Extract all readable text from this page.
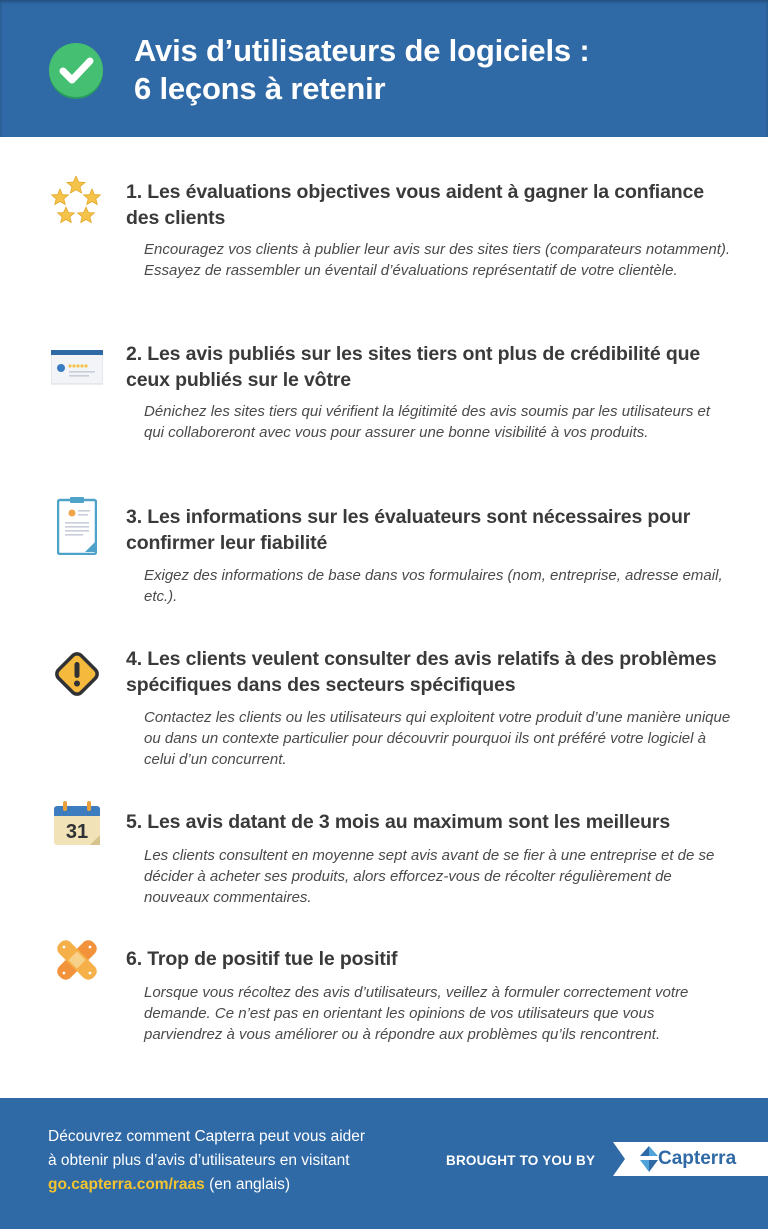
Avis d’utilisateurs de logiciels :
6 leçons à retenir
1. Les évaluations objectives vous aident à gagner la confiance des clients
Encouragez vos clients à publier leur avis sur des sites tiers (comparateurs notamment). Essayez de rassembler un éventail d’évaluations représentatif de votre clientèle.
2. Les avis publiés sur les sites tiers ont plus de crédibilité que ceux publiés sur le vôtre
Dénichez les sites tiers qui vérifient la légitimité des avis soumis par les utilisateurs et qui collaboreront avec vous pour assurer une bonne visibilité à vos produits.
3. Les informations sur les évaluateurs sont nécessaires pour confirmer leur fiabilité
Exigez des informations de base dans vos formulaires (nom, entreprise, adresse email, etc.).
4. Les clients veulent consulter des avis relatifs à des problèmes spécifiques dans des secteurs spécifiques
Contactez les clients ou les utilisateurs qui exploitent votre produit d’une manière unique ou dans un contexte particulier pour découvrir pourquoi ils ont préféré votre logiciel à celui d’un concurrent.
31 5. Les avis datant de 3 mois au maximum sont les meilleurs
Les clients consultent en moyenne sept avis avant de se fier à une entreprise et de se décider à acheter ses produits, alors efforcez-vous de récolter régulièrement de nouveaux commentaires.
6. Trop de positif tue le positif
Lorsque vous récoltez des avis d’utilisateurs, veillez à formuler correctement votre demande. Ce n’est pas en orientant les opinions de vos utilisateurs que vous parviendrez à vous améliorer ou à répondre aux problèmes qu’ils rencontrent.
Découvrez comment Capterra peut vous aider
à obtenir plus d’avis d’utilisateurs en visitant
go.capterra.com/raas (en anglais)
BROUGHT TO YOU BY	Capterra
